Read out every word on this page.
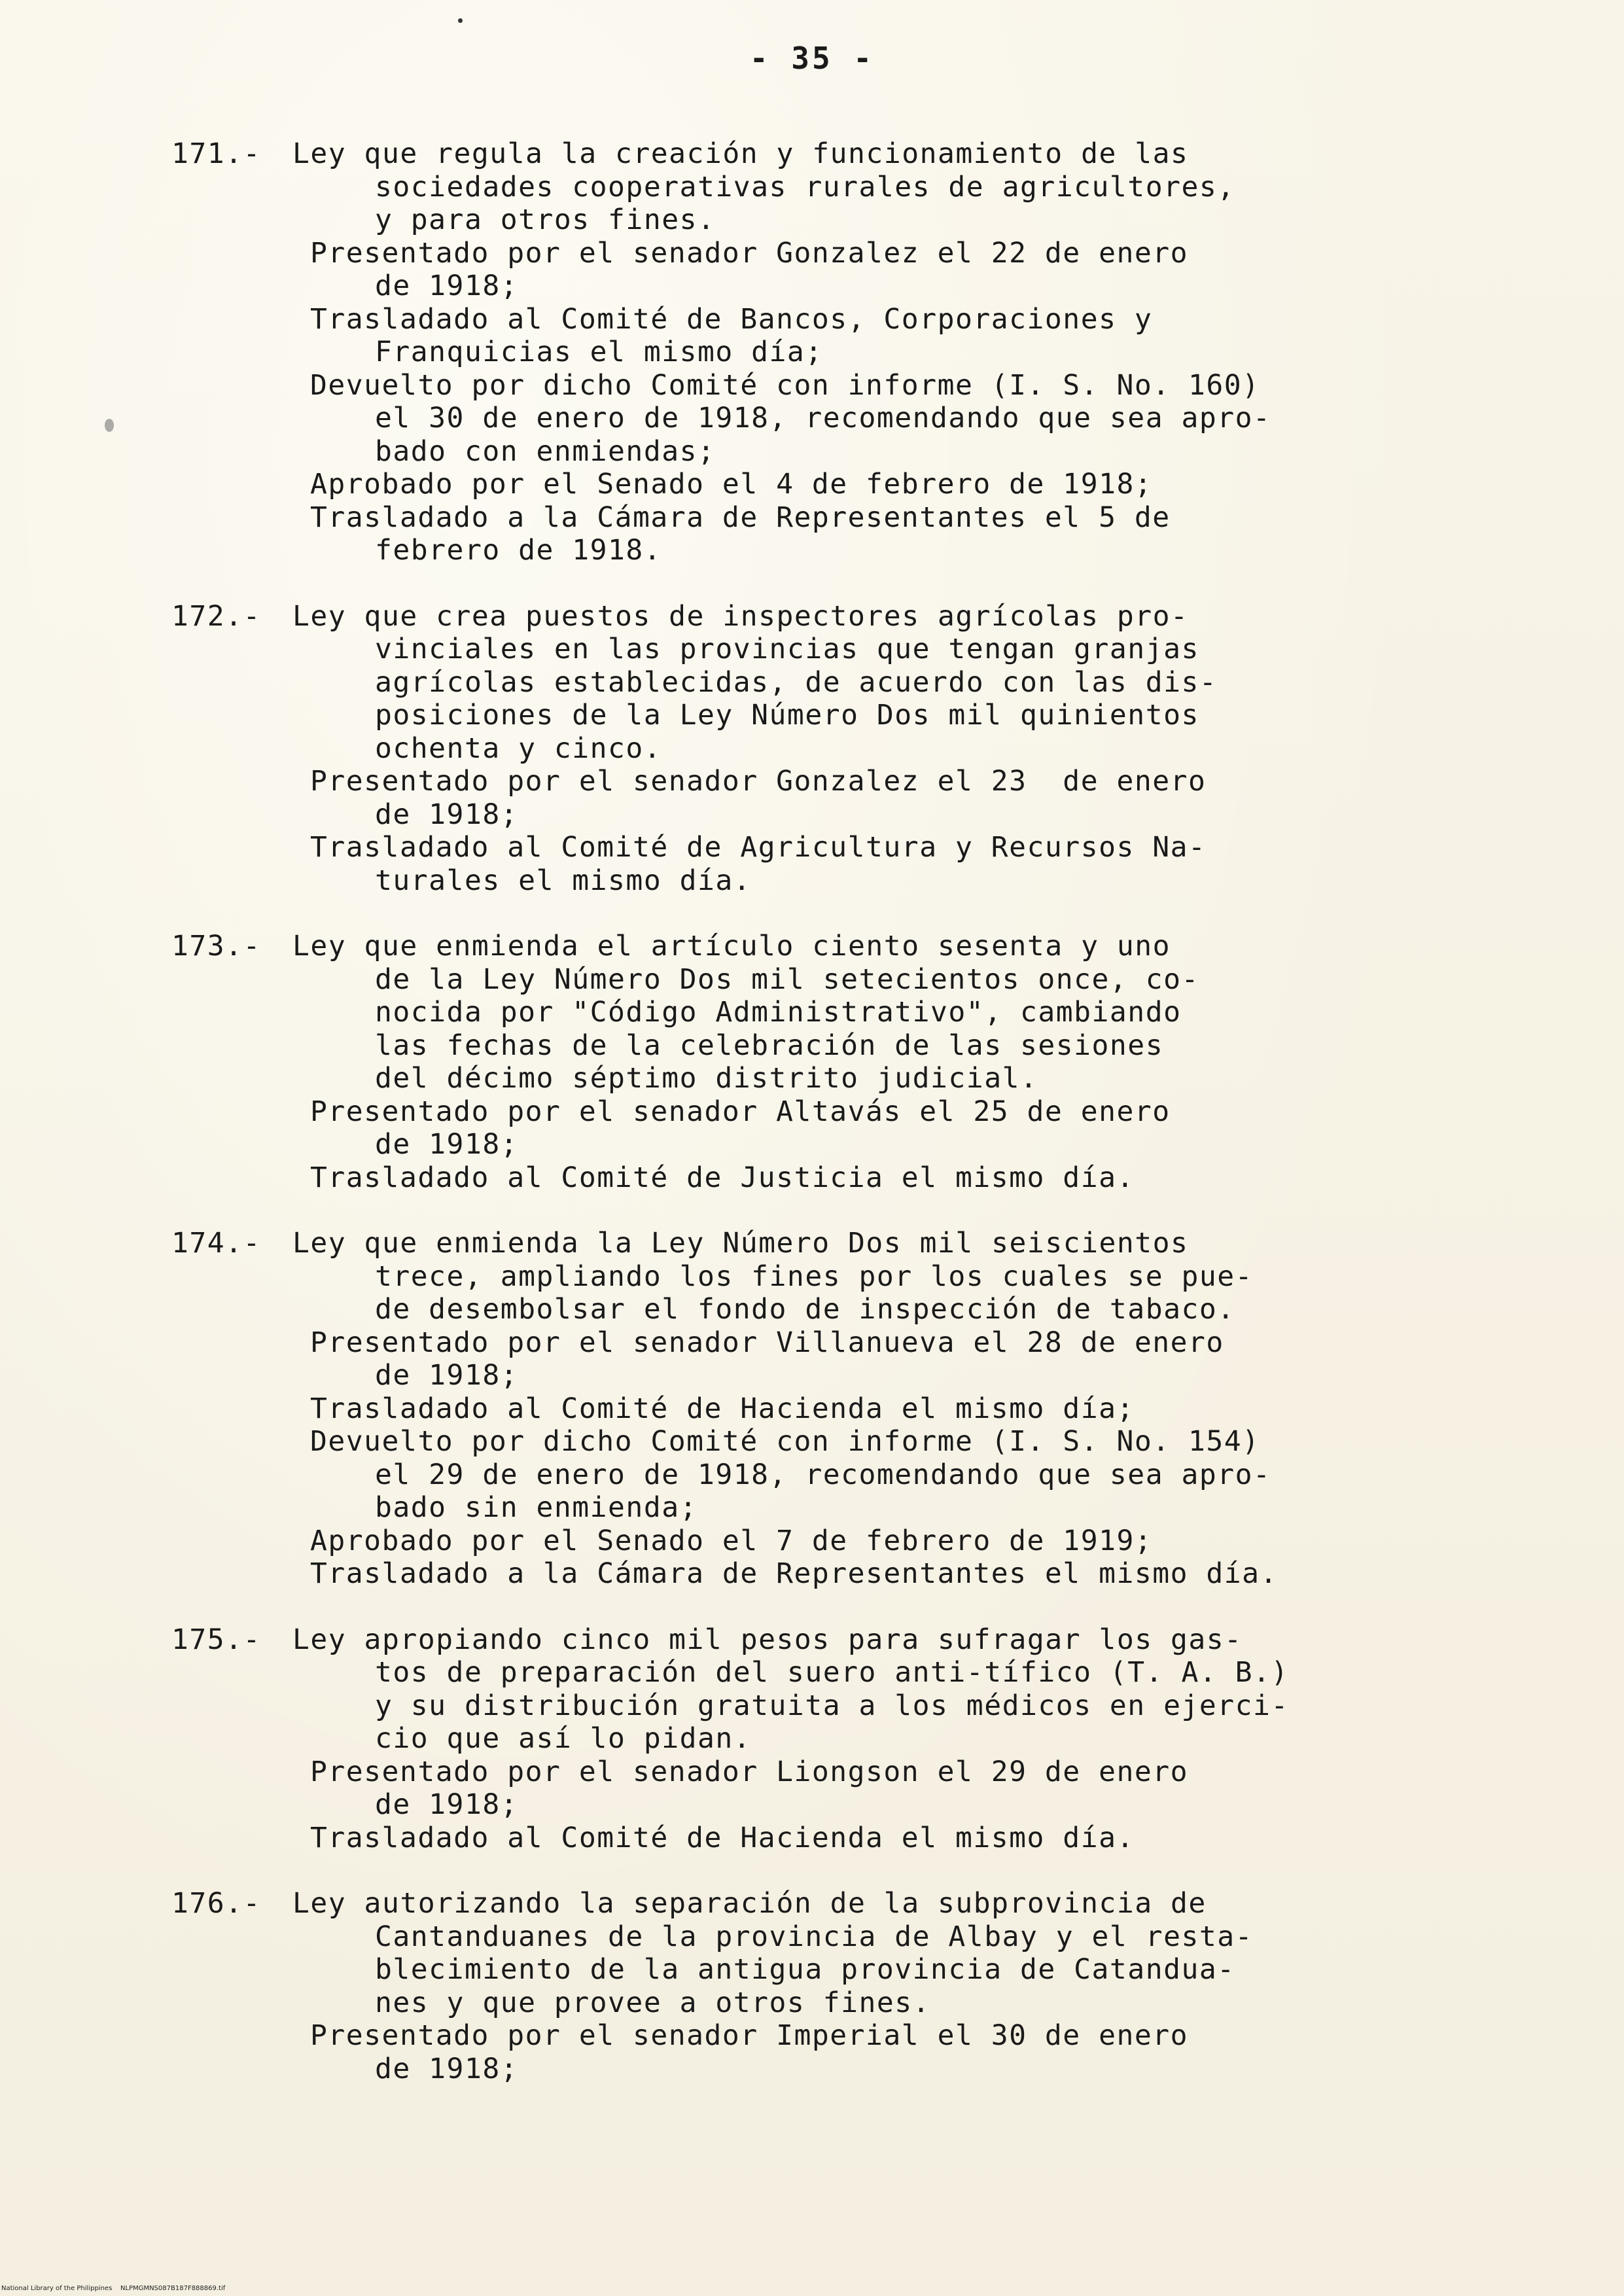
- 35 -
171.- Ley que regula la creación y funcionamiento de las
sociedades cooperativas rurales de agricultores,
y para otros fines.
Presentado por el senador Gonzalez el 22 de enero
de 1918;
Trasladado al Comité de Bancos, Corporaciones y
Franquicias el mismo día;
Devuelto por dicho Comité con informe (I. S. No. 160)
el 30 de enero de 1918, recomendando que sea apro-
bado con enmiendas;
Aprobado por el Senado el 4 de febrero de 1918;
Trasladado a la Cámara de Representantes el 5 de
febrero de 1918.
172.- Ley que crea puestos de inspectores agrícolas pro-
vinciales en las provincias que tengan granjas
agrícolas establecidas, de acuerdo con las dis-
posiciones de la Ley Número Dos mil quinientos
ochenta y cinco.
Presentado por el senador Gonzalez el 23  de enero
de 1918;
Trasladado al Comité de Agricultura y Recursos Na-
turales el mismo día.
173.- Ley que enmienda el artículo ciento sesenta y uno
de la Ley Número Dos mil setecientos once, co-
nocida por "Código Administrativo", cambiando
las fechas de la celebración de las sesiones
del décimo séptimo distrito judicial.
Presentado por el senador Altavás el 25 de enero
de 1918;
Trasladado al Comité de Justicia el mismo día.
174.- Ley que enmienda la Ley Número Dos mil seiscientos
trece, ampliando los fines por los cuales se pue-
de desembolsar el fondo de inspección de tabaco.
Presentado por el senador Villanueva el 28 de enero
de 1918;
Trasladado al Comité de Hacienda el mismo día;
Devuelto por dicho Comité con informe (I. S. No. 154)
el 29 de enero de 1918, recomendando que sea apro-
bado sin enmienda;
Aprobado por el Senado el 7 de febrero de 1919;
Trasladado a la Cámara de Representantes el mismo día.
175.- Ley apropiando cinco mil pesos para sufragar los gas-
tos de preparación del suero anti-tífico (T. A. B.)
y su distribución gratuita a los médicos en ejerci-
cio que así lo pidan.
Presentado por el senador Liongson el 29 de enero
de 1918;
Trasladado al Comité de Hacienda el mismo día.
176.- Ley autorizando la separación de la subprovincia de
Cantanduanes de la provincia de Albay y el resta-
blecimiento de la antigua provincia de Catandua-
nes y que provee a otros fines.
Presentado por el senador Imperial el 30 de enero
de 1918;
National Library of the Philippines    NLPMGMNS087B187F888869.tif
